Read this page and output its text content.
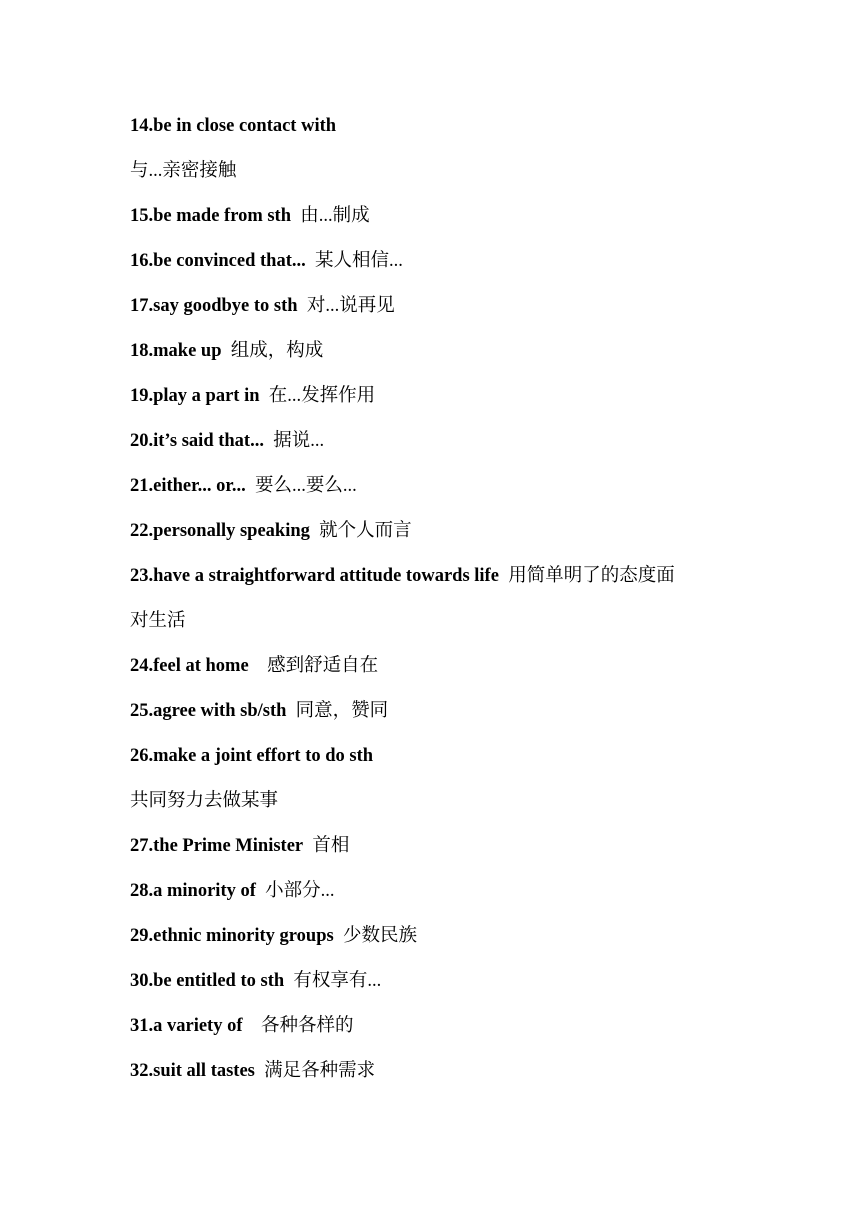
14.be in close contact with
与...亲密接触
15.be made from sth 由...制成
16.be convinced that... 某人相信...
17.say goodbye to sth 对...说再见
18.make up 组成，构成
19.play a part in 在...发挥作用
20.it’s said that... 据说...
21.either... or... 要么...要么...
22.personally speaking 就个人而言
23.have a straightforward attitude towards life 用简单明了的态度面
对生活
24.feel at home 感到舒适自在
25.agree with sb/sth 同意，赞同
26.make a joint effort to do sth
共同努力去做某事
27.the Prime Minister 首相
28.a minority of 小部分...
29.ethnic minority groups 少数民族
30.be entitled to sth 有权享有...
31.a variety of 各种各样的
32.suit all tastes 满足各种需求
